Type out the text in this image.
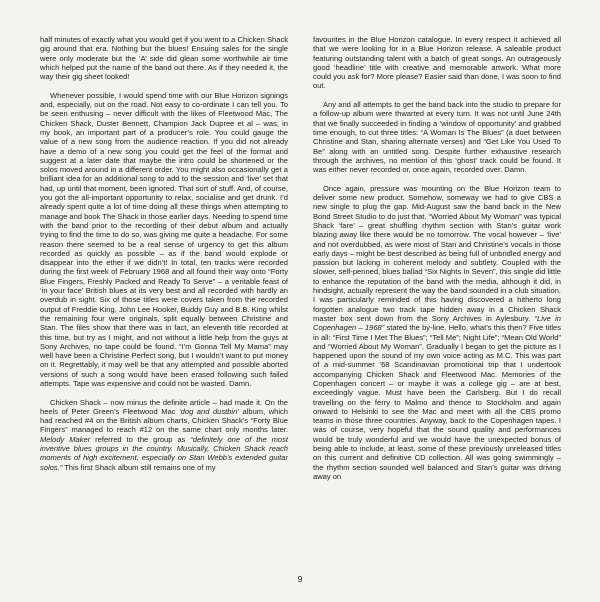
half minutes of exactly what you would get if you went to a Chicken Shack gig around that era. Nothing but the blues! Ensuing sales for the single were only moderate but the ‘A’ side did glean some worthwhile air time which helped put the name of the band out there. As if they needed it, the way their gig sheet looked!

Whenever possible, I would spend time with our Blue Horizon signings and, especially, out on the road. Not easy to co-ordinate I can tell you. To be seen enthusing – never difficult with the likes of Fleetwood Mac, The Chicken Shack, Duster Bennett, Champion Jack Dupree et al – was, in my book, an important part of a producer’s role. You could gauge the value of a new song from the audience reaction. If you did not already have a demo of a new song you could get the feel of the format and suggest at a later date that maybe the intro could be shortened or the solos moved around in a different order. You might also occasionally get a brilliant idea for an additional song to add to the session and ‘live’ set that had, up until that moment, been ignored. That sort of stuff. And, of course, you got the all-important opportunity to relax, socialise and get drunk. I’d already spent quite a lot of time doing all these things when attempting to manage and book The Shack in those earlier days. Needing to spend time with the band prior to the recording of their debut album and actually trying to find the time to do so, was giving me quite a headache. For some reason there seemed to be a real sense of urgency to get this album recorded as quickly as possible – as if the band would explode or disappear into the ether if we didn’t! In total, ten tracks were recorded during the first week of February 1968 and all found their way onto “Forty Blue Fingers, Freshly Packed and Ready To Serve” – a veritable feast of ‘in your face’ British blues at its very best and all recorded with hardly an overdub in sight. Six of those titles were covers taken from the recorded output of Freddie King, John Lee Hooker, Buddy Guy and B.B. King whilst the remaining four were originals, split equally between Christine and Stan. The files show that there was in fact, an eleventh title recorded at this time, but try as I might, and not without a little help from the guys at Sony Archives, no tape could be found. “I’m Gonna Tell My Mama” may well have been a Christine Perfect song, but I wouldn’t want to put money on it. Regrettably, it may well be that any attempted and possible aborted versions of such a song would have been erased following such failed attempts. Tape was expensive and could not be wasted. Damn.

Chicken Shack – now minus the definite article – had made it. On the heels of Peter Green’s Fleetwood Mac ‘dog and dustbin’ album, which had reached #4 on the British album charts, Chicken Shack’s “Forty Blue Fingers” managed to reach #12 on the same chart only months later. Melody Maker referred to the group as “definitely one of the most inventive blues groups in the country. Musically, Chicken Shack reach moments of high excitement, especially on Stan Webb’s extended guitar solos.” This first Shack album still remains one of my

favourites in the Blue Horizon catalogue. In every respect it achieved all that we were looking for in a Blue Horizon release. A saleable product featuring outstanding talent with a batch of great songs. An outrageously good ‘headline’ title with creative and memorable artwork. What more could you ask for? More please? Easier said than done, I was soon to find out.

Any and all attempts to get the band back into the studio to prepare for a follow-up album were thwarted at every turn. It was not until June 24th that we finally succeeded in finding a ‘window of opportunity’ and grabbed time enough, to cut three titles: “A Woman Is The Blues” (a duet between Christine and Stan, sharing alternate verses) and “Get Like You Used To Be” along with an untitled song. Despite further exhaustive research through the archives, no mention of this ‘ghost’ track could be found. It was either never recorded or, once again, recorded over. Damn.

Once again, pressure was mounting on the Blue Horizon team to deliver some new product. Somehow, someway we had to give CBS a new single to plug the gap. Mid-August saw the band back in the New Bond Street Studio to do just that. “Worried About My Woman” was typical Shack ‘fare’ – great shuffling rhythm section with Stan’s guitar work blazing away like there would be no tomorrow. The vocal however – ‘live’ and not overdubbed, as were most of Stan and Christine’s vocals in those early days – might be best described as being full of unbridled energy and passion but lacking in coherent melody and subtlety. Coupled with the slower, self-penned, blues ballad “Six Nights In Seven”, this single did little to enhance the reputation of the band with the media, although it did, in hindsight, actually represent the way the band sounded in a club situation. I was particularly reminded of this having discovered a hitherto long forgotten analogue two track tape hidden away in a Chicken Shack master box sent down from the Sony Archives in Aylesbury. “Live in Copenhagen – 1968” stated the by-line. Hello, what’s this then? Five titles in all: “First Time I Met The Blues”; “Tell Me”; Night Life”; “Mean Old World” and “Worried About My Woman”. Gradually I began to get the picture as I happened upon the sound of my own voice acting as M.C. This was part of a mid-summer ’68 Scandinavian promotional trip that I undertook accompanying Chicken Shack and Fleetwood Mac. Memories of the Copenhagen concert – or maybe it was a college gig – are at best, exceedingly vague. Must have been the Carlsberg. But I do recall travelling on the ferry to Malmo and thence to Stockholm and again onward to Helsinki to see the Mac and meet with all the CBS promo teams in those three countries. Anyway, back to the Copenhagen tapes. I was of course, very hopeful that the sound quality and performances would be truly wonderful and we would have the unexpected bonus of being able to include, at least, some of these previously unreleased titles on this current and definitive CD collection. All was going swimmingly – the rhythm section sounded well balanced and Stan’s guitar was driving away on

9
